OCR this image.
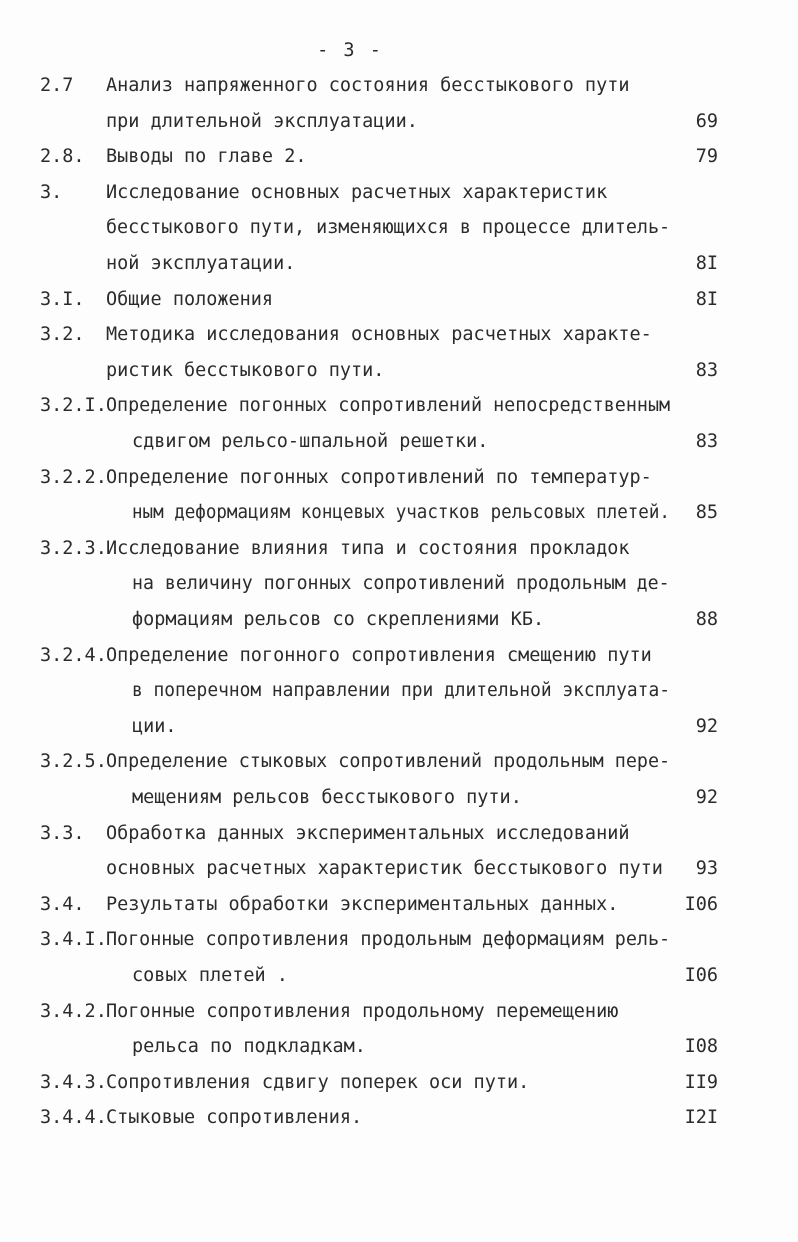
- 3 -
2.7 Анализ напряженного состояния бесстыкового пути
при длительной эксплуатации.	69
2.8. Выводы по главе 2.	79
3. Исследование основных расчетных характеристик
бесстыкового пути, изменяющихся в процессе длитель-
ной эксплуатации.	8I
3.I. Общие положения	8I
3.2. Методика исследования основных расчетных характе-
ристик бесстыкового пути.	83
3.2.I. Определение погонных сопротивлений непосредственным
сдвигом рельсо-шпальной решетки.	83
3.2.2. Определение погонных сопротивлений по температур-
ным деформациям концевых участков рельсовых плетей. 85
3.2.3. Исследование влияния типа и состояния прокладок
на величину погонных сопротивлений продольным де-
формациям рельсов со скреплениями КБ.	88
3.2.4. Определение погонного сопротивления смещению пути
в поперечном направлении при длительной эксплуата-
ции.	92
3.2.5. Определение стыковых сопротивлений продольным пере-
мещениям рельсов бесстыкового пути.	92
3.3. Обработка данных экспериментальных исследований
основных расчетных характеристик бесстыкового пути 93
3.4. Результаты обработки экспериментальных данных.	I06
3.4.I. Погонные сопротивления продольным деформациям рель-
совых плетей .	I06
3.4.2. Погонные сопротивления продольному перемещению
рельса по подкладкам.	I08
3.4.3. Сопротивления сдвигу поперек оси пути.	II9
3.4.4. Стыковые сопротивления.	I2I
